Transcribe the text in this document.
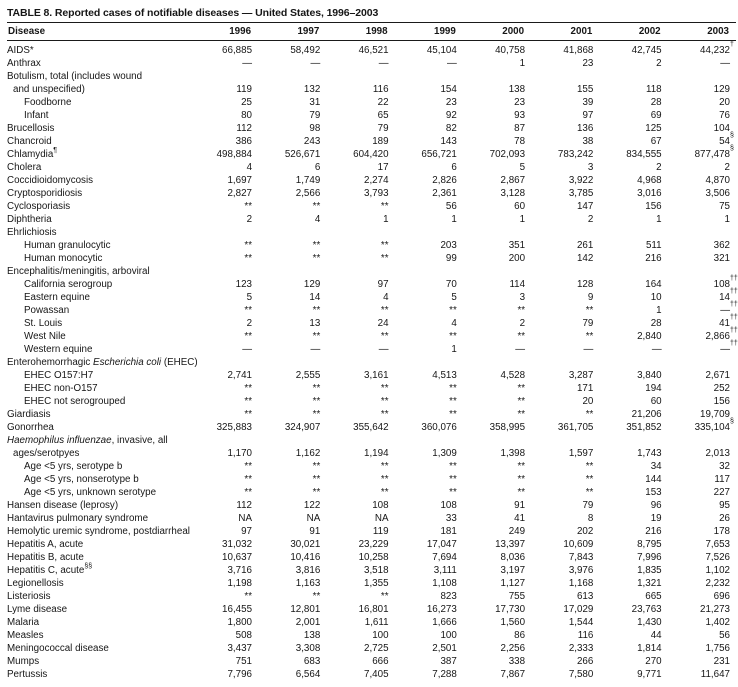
TABLE 8. Reported cases of notifiable diseases — United States, 1996–2003
Disease	1996	1997	1998	1999	2000	2001	2002	2003
AIDS*	66,885	58,492	46,521	45,104	40,758	41,868	42,745	44,232†
Anthrax	—	—	—	—	1	23	2	—
Botulism, total (includes wound								
and unspecified)	119	132	116	154	138	155	118	129
Foodborne	25	31	22	23	23	39	28	20
Infant	80	79	65	92	93	97	69	76
Brucellosis	112	98	79	82	87	136	125	104
Chancroid	386	243	189	143	78	38	67	54§
Chlamydia¶	498,884	526,671	604,420	656,721	702,093	783,242	834,555	877,478§
Cholera	4	6	17	6	5	3	2	2
Coccidioidomycosis	1,697	1,749	2,274	2,826	2,867	3,922	4,968	4,870
Cryptosporidiosis	2,827	2,566	3,793	2,361	3,128	3,785	3,016	3,506
Cyclosporiasis	**	**	**	56	60	147	156	75
Diphtheria	2	4	1	1	1	2	1	1
Ehrlichiosis								
Human granulocytic	**	**	**	203	351	261	511	362
Human monocytic	**	**	**	99	200	142	216	321
Encephalitis/meningitis, arboviral								
California serogroup	123	129	97	70	114	128	164	108††
Eastern equine	5	14	4	5	3	9	10	14††
Powassan	**	**	**	**	**	**	1	—††
St. Louis	2	13	24	4	2	79	28	41††
West Nile	**	**	**	**	**	**	2,840	2,866††
Western equine	—	—	—	1	—	—	—	—††
Enterohemorrhagic Escherichia coli (EHEC)								
EHEC O157:H7	2,741	2,555	3,161	4,513	4,528	3,287	3,840	2,671
EHEC non-O157	**	**	**	**	**	171	194	252
EHEC not serogrouped	**	**	**	**	**	20	60	156
Giardiasis	**	**	**	**	**	**	21,206	19,709
Gonorrhea	325,883	324,907	355,642	360,076	358,995	361,705	351,852	335,104§
Haemophilus influenzae, invasive, all								
ages/serotpyes	1,170	1,162	1,194	1,309	1,398	1,597	1,743	2,013
Age <5 yrs, serotype b	**	**	**	**	**	**	34	32
Age <5 yrs, nonserotype b	**	**	**	**	**	**	144	117
Age <5 yrs, unknown serotype	**	**	**	**	**	**	153	227
Hansen disease (leprosy)	112	122	108	108	91	79	96	95
Hantavirus pulmonary syndrome	NA	NA	NA	33	41	8	19	26
Hemolytic uremic syndrome, postdiarrheal	97	91	119	181	249	202	216	178
Hepatitis A, acute	31,032	30,021	23,229	17,047	13,397	10,609	8,795	7,653
Hepatitis B, acute	10,637	10,416	10,258	7,694	8,036	7,843	7,996	7,526
Hepatitis C, acute§§	3,716	3,816	3,518	3,111	3,197	3,976	1,835	1,102
Legionellosis	1,198	1,163	1,355	1,108	1,127	1,168	1,321	2,232
Listeriosis	**	**	**	823	755	613	665	696
Lyme disease	16,455	12,801	16,801	16,273	17,730	17,029	23,763	21,273
Malaria	1,800	2,001	1,611	1,666	1,560	1,544	1,430	1,402
Measles	508	138	100	100	86	116	44	56
Meningococcal disease	3,437	3,308	2,725	2,501	2,256	2,333	1,814	1,756
Mumps	751	683	666	387	338	266	270	231
Pertussis	7,796	6,564	7,405	7,288	7,867	7,580	9,771	11,647
